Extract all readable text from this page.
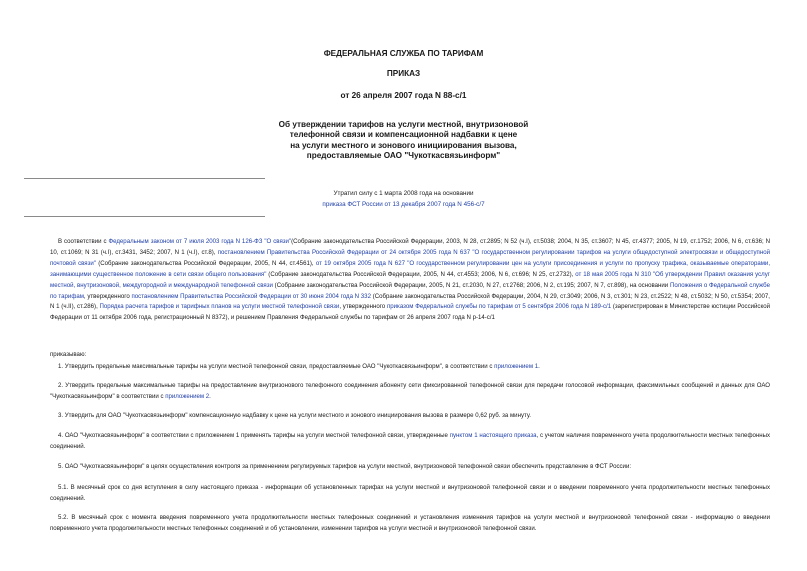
ФЕДЕРАЛЬНАЯ СЛУЖБА ПО ТАРИФАМ
ПРИКАЗ
от 26 апреля 2007 года N 88-с/1
Об утверждении тарифов на услуги местной, внутризоновой
телефонной связи и компенсационной надбавки к цене
на услуги местного и зонового инициирования вызова,
предоставляемые ОАО "Чукоткасвязьинформ"
Утратил силу с 1 марта 2008 года на основании
приказа ФСТ России от 13 декабря 2007 года N 456-с/7

В соответствии с Федеральным законом от 7 июля 2003 года N 126-ФЗ "О связи"(Собрание законодательства Российской Федерации, 2003, N 28, ст.2895; N 52 (ч.I), ст.5038; 2004, N 35, ст.3607; N 45, ст.4377; 2005, N 19, ст.1752; 2006, N 6, ст.636; N 10, ст.1069; N 31 (ч.I), ст.3431, 3452; 2007, N 1 (ч.I), ст.8), постановлением Правительства Российской Федерации от 24 октября 2005 года N 637 "О государственном регулировании тарифов на услуги общедоступной электросвязи и общедоступной почтовой связи" (Собрание законодательства Российской Федерации, 2005, N 44, ст.4561), от 19 октября 2005 года N 627 "О государственном регулировании цен на услуги присоединения и услуги по пропуску трафика, оказываемые операторами, занимающими существенное положение в сети связи общего пользования" (Собрание законодательства Российской Федерации, 2005, N 44, ст.4553; 2006, N 6, ст.696; N 25, ст.2732), от 18 мая 2005 года N 310 "Об утверждении Правил оказания услуг местной, внутризоновой, междугородной и международной телефонной связи (Собрание законодательства Российской Федерации, 2005, N 21, ст.2030, N 27, ст.2768; 2006, N 2, ст.195; 2007, N 7, ст.898), на основании Положения о Федеральной службе по тарифам, утвержденного постановлением Правительства Российской Федерации от 30 июня 2004 года N 332 (Собрание законодательства Российской Федерации, 2004, N 29, ст.3049; 2006, N 3, ст.301; N 23, ст.2522; N 48, ст.5032; N 50, ст.5354; 2007, N 1 (ч.II), ст.286), Порядка расчета тарифов и тарифных планов на услуги местной телефонной связи, утвержденного приказом Федеральной службы по тарифам от 5 сентября 2006 года N 189-с/1 (зарегистрирован в Министерстве юстиции Российской Федерации от 11 октября 2006 года, регистрационный N 8372), и решением Правления Федеральной службы по тарифам от 26 апреля 2007 года N р-14-с/1

приказываю:

1. Утвердить предельные максимальные тарифы на услуги местной телефонной связи, предоставляемые ОАО "Чукоткасвязьинформ", в соответствии с приложением 1.

2. Утвердить предельные максимальные тарифы на предоставление внутризонового телефонного соединения абоненту сети фиксированной телефонной связи для передачи голосовой информации, факсимильных сообщений и данных для ОАО "Чукоткасвязьинформ" в соответствии с приложением 2.

3. Утвердить для ОАО "Чукоткасвязьинформ" компенсационную надбавку к цене на услуги местного и зонового инициирования вызова в размере 0,62 руб. за минуту.

4. ОАО "Чукоткасвязьинформ" в соответствии с приложением 1 применять тарифы на услуги местной телефонной связи, утвержденные пунктом 1 настоящего приказа, с учетом наличия повременного учета продолжительности местных телефонных соединений.

5. ОАО "Чукоткасвязьинформ" в целях осуществления контроля за применением регулируемых тарифов на услуги местной, внутризоновой телефонной связи обеспечить представление в ФСТ России:

5.1. В месячный срок со дня вступления в силу настоящего приказа - информации об установленных тарифах на услуги местной и внутризоновой телефонной связи и о введении повременного учета продолжительности местных телефонных соединений.

5.2. В месячный срок с момента введения повременного учета продолжительности местных телефонных соединений и установления изменения тарифов на услуги местной и внутризоновой телефонной связи - информацию о введении повременного учета продолжительности местных телефонных соединений и об установлении, изменении тарифов на услуги местной и внутризоновой телефонной связи.
